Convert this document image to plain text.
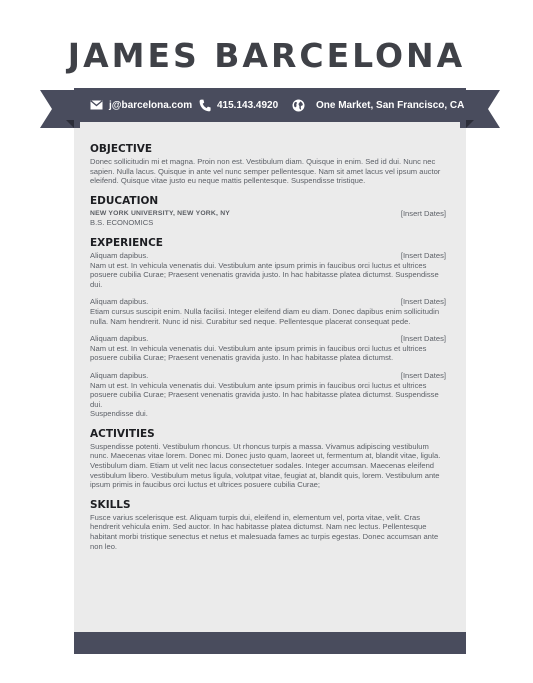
JAMES BARCELONA
j@barcelona.com 415.143.4920	One Market, San Francisco, CA
OBJECTIVE

Donec sollicitudin mi et magna. Proin non est. Vestibulum diam. Quisque in enim. Sed id dui. Nunc nec sapien. Nulla lacus. Quisque in ante vel nunc semper pellentesque. Nam sit amet lacus vel ipsum auctor eleifend. Quisque vitae justo eu neque mattis pellentesque. Suspendisse tristique.

EDUCATION
NEW YORK UNIVERSITY, NEW YORK, NY	[Insert Dates]

B.S. ECONOMICS

EXPERIENCE
Aliquam dapibus.	[Insert Dates]

Nam ut est. In vehicula venenatis dui. Vestibulum ante ipsum primis in faucibus orci luctus et ultrices posuere cubilia Curae; Praesent venenatis gravida justo. In hac habitasse platea dictumst. Suspendisse dui.

Aliquam dapibus.	[Insert Dates]

Etiam cursus suscipit enim. Nulla facilisi. Integer eleifend diam eu diam. Donec dapibus enim sollicitudin nulla. Nam hendrerit. Nunc id nisi. Curabitur sed neque. Pellentesque placerat consequat pede.

Aliquam dapibus.	[Insert Dates]

Nam ut est. In vehicula venenatis dui. Vestibulum ante ipsum primis in faucibus orci luctus et ultrices posuere cubilia Curae; Praesent venenatis gravida justo. In hac habitasse platea dictumst.

Aliquam dapibus.	[Insert Dates]

Nam ut est. In vehicula venenatis dui. Vestibulum ante ipsum primis in faucibus orci luctus et ultrices posuere cubilia Curae; Praesent venenatis gravida justo. In hac habitasse platea dictumst. Suspendisse dui.

Suspendisse dui.

ACTIVITIES

Suspendisse potenti. Vestibulum rhoncus. Ut rhoncus turpis a massa. Vivamus adipiscing vestibulum nunc. Maecenas vitae lorem. Donec mi. Donec justo quam, laoreet ut, fermentum at, blandit vitae, ligula. Vestibulum diam. Etiam ut velit nec lacus consectetuer sodales. Integer accumsan. Maecenas eleifend vestibulum libero. Vestibulum metus ligula, volutpat vitae, feugiat at, blandit quis, lorem. Vestibulum ante ipsum primis in faucibus orci luctus et ultrices posuere cubilia Curae;

SKILLS

Fusce varius scelerisque est. Aliquam turpis dui, eleifend in, elementum vel, porta vitae, velit. Cras hendrerit vehicula enim. Sed auctor. In hac habitasse platea dictumst. Nam nec lectus. Pellentesque habitant morbi tristique senectus et netus et malesuada fames ac turpis egestas. Donec accumsan ante non leo.
